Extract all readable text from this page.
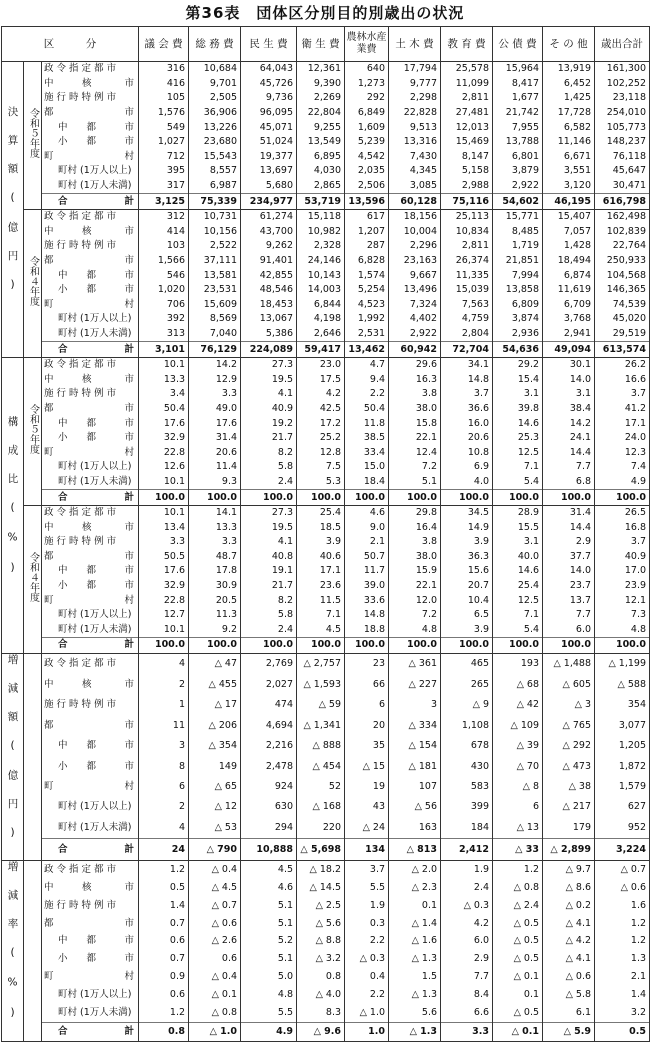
第36表　団体区分別目的別歳出の状況
区　　　分			議 会 費	総 務 費	民 生 費	衛 生 費	農林水産業費	土 木 費	教 育 費	公 債 費	そ の 他	歳出合計
決算額(億円)	令和５年度	政 令 指 定 都 市	316	10,684	64,043	12,361	640	17,794	25,578	15,964	13,919	161,300

		中　　　核 市	416	9,701	45,726	9,390	1,273	9,777	11,099	8,417	6,452	102,252

		施 行 時 特 例 市	105	2,505	9,736	2,269	292	2,298	2,811	1,677	1,425	23,118

		都 市	1,576	36,906	96,095	22,804	6,849	22,828	27,481	21,742	17,728	254,010

		中　　都 市	549	13,226	45,071	9,255	1,609	9,513	12,013	7,955	6,582	105,773

		小　　都 市	1,027	23,680	51,024	13,549	5,239	13,316	15,469	13,788	11,146	148,237

		町 村	712	15,543	19,377	6,895	4,542	7,430	8,147	6,801	6,671	76,118

		町村 (1万人以上)	395	8,557	13,697	4,030	2,035	4,345	5,158	3,879	3,551	45,647

		町村 (1万人未満)	317	6,987	5,680	2,865	2,506	3,085	2,988	2,922	3,120	30,471

		合 計	3,125	75,339	234,977	53,719	13,596	60,128	75,116	54,602	46,195	616,798
	令和４年度	政 令 指 定 都 市	312	10,731	61,274	15,118	617	18,156	25,113	15,771	15,407	162,498

		中　　　核 市	414	10,156	43,700	10,982	1,207	10,004	10,834	8,485	7,057	102,839

		施 行 時 特 例 市	103	2,522	9,262	2,328	287	2,296	2,811	1,719	1,428	22,764

		都 市	1,566	37,111	91,401	24,146	6,828	23,163	26,374	21,851	18,494	250,933

		中　　都 市	546	13,581	42,855	10,143	1,574	9,667	11,335	7,994	6,874	104,568

		小　　都 市	1,020	23,531	48,546	14,003	5,254	13,496	15,039	13,858	11,619	146,365

		町 村	706	15,609	18,453	6,844	4,523	7,324	7,563	6,809	6,709	74,539

		町村 (1万人以上)	392	8,569	13,067	4,198	1,992	4,402	4,759	3,874	3,768	45,020

		町村 (1万人未満)	313	7,040	5,386	2,646	2,531	2,922	2,804	2,936	2,941	29,519

		合 計	3,101	76,129	224,089	59,417	13,462	60,942	72,704	54,636	49,094	613,574
構成比(%)	令和５年度	政 令 指 定 都 市	10.1	14.2	27.3	23.0	4.7	29.6	34.1	29.2	30.1	26.2

		中　　　核 市	13.3	12.9	19.5	17.5	9.4	16.3	14.8	15.4	14.0	16.6

		施 行 時 特 例 市	3.4	3.3	4.1	4.2	2.2	3.8	3.7	3.1	3.1	3.7

		都 市	50.4	49.0	40.9	42.5	50.4	38.0	36.6	39.8	38.4	41.2

		中　　都 市	17.6	17.6	19.2	17.2	11.8	15.8	16.0	14.6	14.2	17.1

		小　　都 市	32.9	31.4	21.7	25.2	38.5	22.1	20.6	25.3	24.1	24.0

		町 村	22.8	20.6	8.2	12.8	33.4	12.4	10.8	12.5	14.4	12.3

		町村 (1万人以上)	12.6	11.4	5.8	7.5	15.0	7.2	6.9	7.1	7.7	7.4

		町村 (1万人未満)	10.1	9.3	2.4	5.3	18.4	5.1	4.0	5.4	6.8	4.9

		合 計	100.0	100.0	100.0	100.0	100.0	100.0	100.0	100.0	100.0	100.0
	令和４年度	政 令 指 定 都 市	10.1	14.1	27.3	25.4	4.6	29.8	34.5	28.9	31.4	26.5

		中　　　核 市	13.4	13.3	19.5	18.5	9.0	16.4	14.9	15.5	14.4	16.8

		施 行 時 特 例 市	3.3	3.3	4.1	3.9	2.1	3.8	3.9	3.1	2.9	3.7

		都 市	50.5	48.7	40.8	40.6	50.7	38.0	36.3	40.0	37.7	40.9

		中　　都 市	17.6	17.8	19.1	17.1	11.7	15.9	15.6	14.6	14.0	17.0

		小　　都 市	32.9	30.9	21.7	23.6	39.0	22.1	20.7	25.4	23.7	23.9

		町 村	22.8	20.5	8.2	11.5	33.6	12.0	10.4	12.5	13.7	12.1

		町村 (1万人以上)	12.7	11.3	5.8	7.1	14.8	7.2	6.5	7.1	7.7	7.3

		町村 (1万人未満)	10.1	9.2	2.4	4.5	18.8	4.8	3.9	5.4	6.0	4.8

		合 計	100.0	100.0	100.0	100.0	100.0	100.0	100.0	100.0	100.0	100.0
増減額(億円)		政 令 指 定 都 市	4	△ 47	2,769	△ 2,757	23	△ 361	465	193	△ 1,488	△ 1,199

		中　　　核 市	2	△ 455	2,027	△ 1,593	66	△ 227	265	△ 68	△ 605	△ 588

		施 行 時 特 例 市	1	△ 17	474	△ 59	6	3	△ 9	△ 42	△ 3	354

		都 市	11	△ 206	4,694	△ 1,341	20	△ 334	1,108	△ 109	△ 765	3,077

		中　　都 市	3	△ 354	2,216	△ 888	35	△ 154	678	△ 39	△ 292	1,205

		小　　都 市	8	149	2,478	△ 454	△ 15	△ 181	430	△ 70	△ 473	1,872

		町 村	6	△ 65	924	52	19	107	583	△ 8	△ 38	1,579

		町村 (1万人以上)	2	△ 12	630	△ 168	43	△ 56	399	6	△ 217	627

		町村 (1万人未満)	4	△ 53	294	220	△ 24	163	184	△ 13	179	952

		合 計	24	△ 790	10,888	△ 5,698	134	△ 813	2,412	△ 33	△ 2,899	3,224
増減率(%)		政 令 指 定 都 市	1.2	△ 0.4	4.5	△ 18.2	3.7	△ 2.0	1.9	1.2	△ 9.7	△ 0.7

		中　　　核 市	0.5	△ 4.5	4.6	△ 14.5	5.5	△ 2.3	2.4	△ 0.8	△ 8.6	△ 0.6

		施 行 時 特 例 市	1.4	△ 0.7	5.1	△ 2.5	1.9	0.1	△ 0.3	△ 2.4	△ 0.2	1.6

		都 市	0.7	△ 0.6	5.1	△ 5.6	0.3	△ 1.4	4.2	△ 0.5	△ 4.1	1.2

		中　　都 市	0.6	△ 2.6	5.2	△ 8.8	2.2	△ 1.6	6.0	△ 0.5	△ 4.2	1.2

		小　　都 市	0.7	0.6	5.1	△ 3.2	△ 0.3	△ 1.3	2.9	△ 0.5	△ 4.1	1.3

		町 村	0.9	△ 0.4	5.0	0.8	0.4	1.5	7.7	△ 0.1	△ 0.6	2.1

		町村 (1万人以上)	0.6	△ 0.1	4.8	△ 4.0	2.2	△ 1.3	8.4	0.1	△ 5.8	1.4

		町村 (1万人未満)	1.2	△ 0.8	5.5	8.3	△ 1.0	5.6	6.6	△ 0.5	6.1	3.2

		合 計	0.8	△ 1.0	4.9	△ 9.6	1.0	△ 1.3	3.3	△ 0.1	△ 5.9	0.5
